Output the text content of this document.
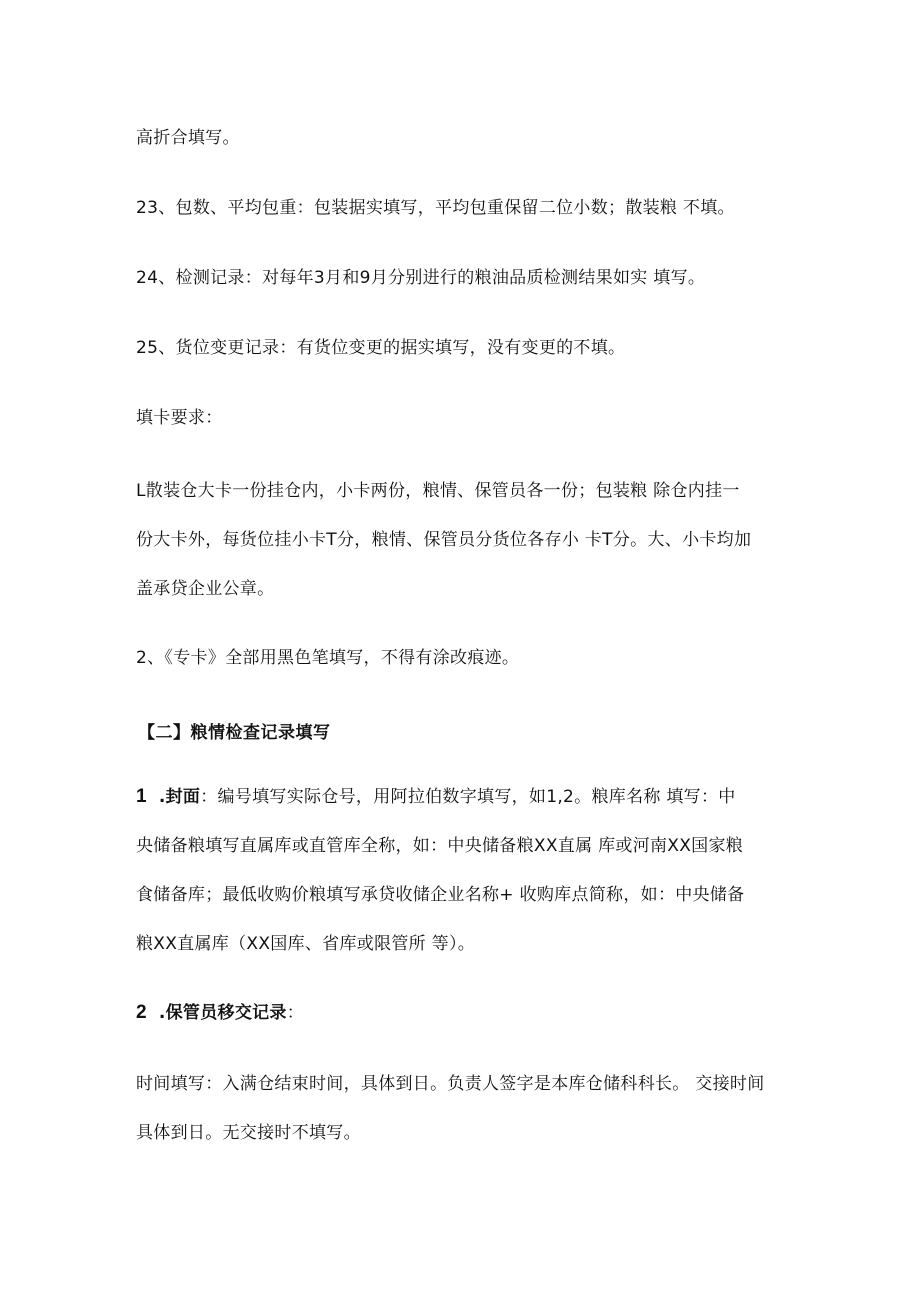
高折合填写。
23、包数、平均包重：包装据实填写，平均包重保留二位小数；散装粮 不填。
24、检测记录：对每年3月和9月分别进行的粮油品质检测结果如实 填写。
25、货位变更记录：有货位变更的据实填写，没有变更的不填。
填卡要求：
L散装仓大卡一份挂仓内，小卡两份，粮情、保管员各一份；包装粮 除仓内挂一
份大卡外，每货位挂小卡T分，粮情、保管员分货位各存小 卡T分。大、小卡均加
盖承贷企业公章。
2、《专卡》全部用黑色笔填写，不得有涂改痕迹。
【二】粮情检查记录填写
1 .封面：编号填写实际仓号，用阿拉伯数字填写，如1,2。粮库名称 填写：中
央储备粮填写直属库或直管库全称，如：中央储备粮XX直属 库或河南XX国家粮
食储备库；最低收购价粮填写承贷收储企业名称+ 收购库点简称，如：中央储备
粮XX直属库（XX国库、省库或限管所 等）。
2 .保管员移交记录：
时间填写：入满仓结束时间，具体到日。负责人签字是本库仓储科科长。 交接时间
具体到日。无交接时不填写。
